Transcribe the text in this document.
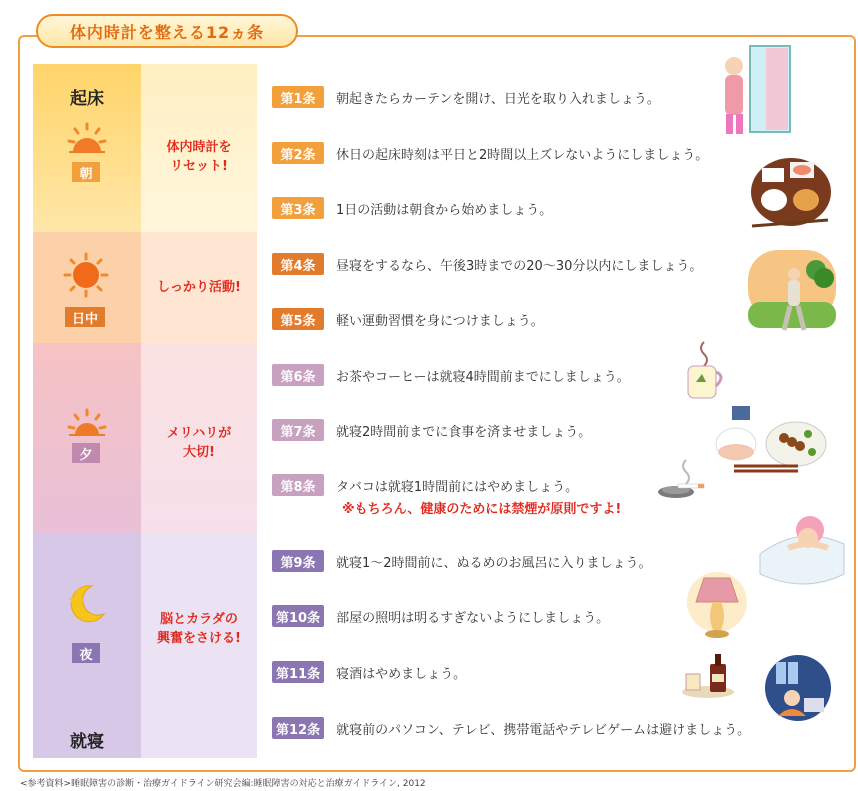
体内時計を整える12ヵ条
起床
就寝
朝
日中
夕
夜
体内時計を
リセット!
しっかり活動!
メリハリが
大切!
脳とカラダの
興奮をさける!
第1条	朝起きたらカーテンを開け、日光を取り入れましょう。
第2条	休日の起床時刻は平日と2時間以上ズレないようにしましょう。
第3条	1日の活動は朝食から始めましょう。
第4条	昼寝をするなら、午後3時までの20〜30分以内にしましょう。
第5条	軽い運動習慣を身につけましょう。
第6条	お茶やコーヒーは就寝4時間前までにしましょう。
第7条	就寝2時間前までに食事を済ませましょう。
第8条	タバコは就寝1時間前にはやめましょう。
※もちろん、健康のためには禁煙が原則ですよ!
第9条	就寝1〜2時間前に、ぬるめのお風呂に入りましょう。
第10条	部屋の照明は明るすぎないようにしましょう。
第11条	寝酒はやめましょう。
第12条	就寝前のパソコン、テレビ、携帯電話やテレビゲームは避けましょう。
<参考資料>睡眠障害の診断・治療ガイドライン研究会編:睡眠障害の対応と治療ガイドライン, 2012
